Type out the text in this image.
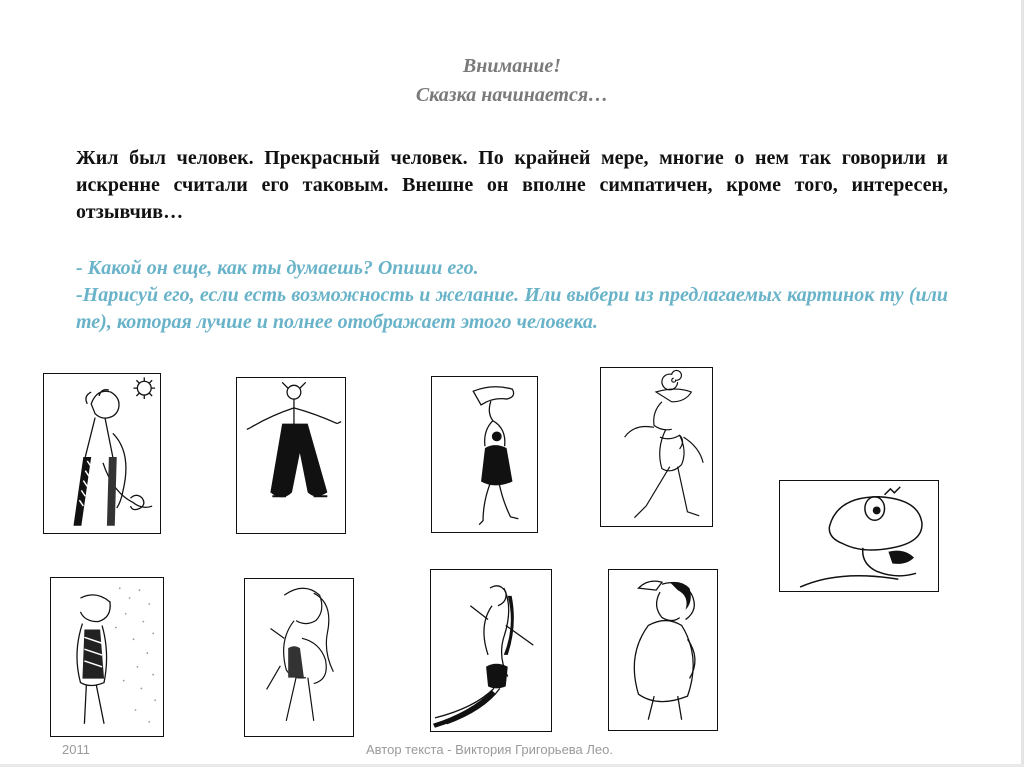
Внимание!
Сказка начинается…
Жил был человек. Прекрасный человек. По крайней мере, многие о нем так говорили и искренне считали его таковым. Внешне он вполне симпатичен, кроме того, интересен, отзывчив…
- Какой он еще, как ты думаешь? Опиши его.
-Нарисуй его, если есть возможность и желание. Или выбери из предлагаемых картинок ту (или те), которая лучше и полнее отображает этого человека.
2011	Автор текста - Виктория Григорьева Лео.
